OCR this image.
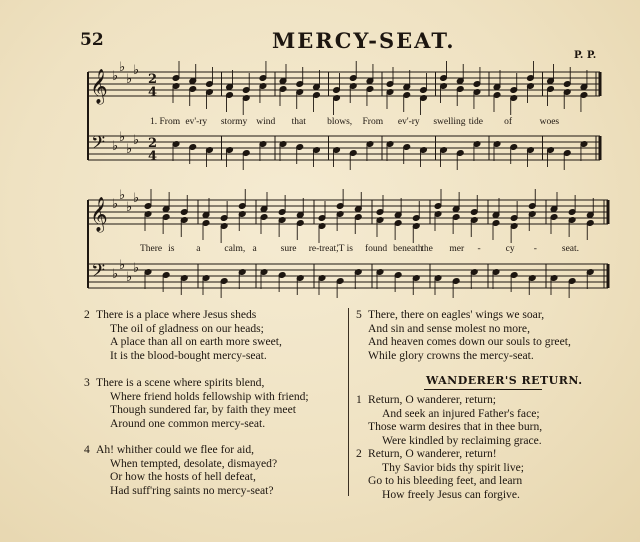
52	MERCY-SEAT.
P. P.
𝄞
𝄢
♭
♭
♭
♭
♭
♭
♭
♭
2
4
2
4
𝄞
𝄢
♭
♭
♭
♭
♭
♭
♭
♭
1. From ev'-ry stormy wind that blows, From ev'-ry swelling tide of	woes
There is a	calm, a	sure re-treat,
'T is found beneath
the mer -	cy -	seat.
2 There is a place where Jesus sheds
The oil of gladness on our heads;
A place than all on earth more sweet,
It is the blood-bought mercy-seat.
3 There is a scene where spirits blend,
Where friend holds fellowship with friend;
Though sundered far, by faith they meet
Around one common mercy-seat.
4 Ah! whither could we flee for aid,
When tempted, desolate, dismayed?
Or how the hosts of hell defeat,
Had suff'ring saints no mercy-seat?
5 There, there on eagles' wings we soar,
And sin and sense molest no more,
And heaven comes down our souls to greet,
While glory crowns the mercy-seat.
WANDERER'S RETURN.
1 Return, O wanderer, return;
And seek an injured Father's face;
Those warm desires that in thee burn,
Were kindled by reclaiming grace.
2 Return, O wanderer, return!
Thy Savior bids thy spirit live;
Go to his bleeding feet, and learn
How freely Jesus can forgive.
